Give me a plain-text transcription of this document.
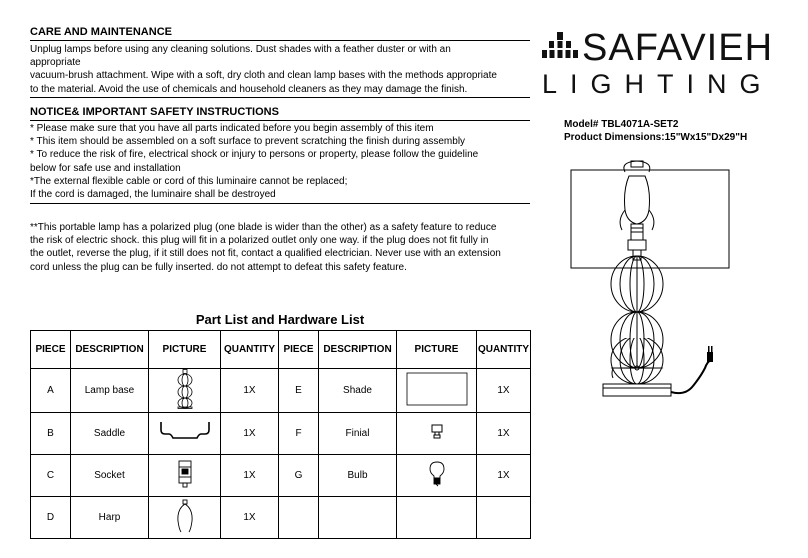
CARE AND MAINTENANCE
Unplug lamps before using any cleaning solutions. Dust shades with a feather duster or with an
appropriate
vacuum-brush attachment. Wipe with a soft, dry cloth and clean lamp bases with the methods appropriate
to the material. Avoid the use of chemicals and household cleaners as they may damage the finish.
NOTICE& IMPORTANT SAFETY INSTRUCTIONS
* Please make sure that you have all parts indicated before you begin assembly of this item
* This item should be assembled on a soft surface to prevent scratching the finish during assembly
* To reduce the risk of fire, electrical shock or injury to persons or property, please follow the guideline
below for safe use and installation
*The external flexible cable or cord of this luminaire cannot be replaced;
If the cord is damaged, the luminaire shall be destroyed
**This portable lamp has a polarized plug (one blade is wider than the other) as a safety feature to reduce
the risk of electric shock. this plug will fit in a polarized outlet only one way. if the plug does not fit fully in
the outlet, reverse the plug, if it still does not fit, contact a qualified electrician. Never use with an extension
cord unless the plug can be fully inserted. do not attempt to defeat this safety feature.
SAFAVIEH
LIGHTING
Model# TBL4071A-SET2
Product Dimensions:15"Wx15"Dx29"H
Part List and Hardware List
PIECE	DESCRIPTION	PICTURE	QUANTITY	PIECE	DESCRIPTION	PICTURE	QUANTITY
A	Lamp base		1X	E	Shade		1X
B	Saddle		1X	F	Finial		1X
C	Socket		1X	G	Bulb		1X
D	Harp		1X				
